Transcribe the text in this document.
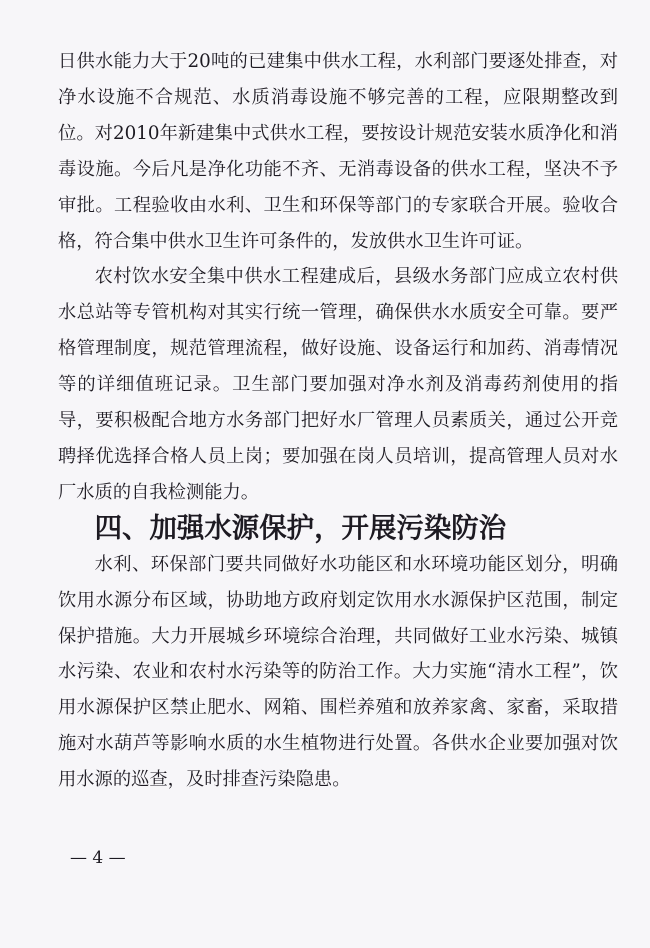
日供水能力大于20吨的已建集中供水工程，水利部门要逐处排查，对净水设施不合规范、水质消毒设施不够完善的工程，应限期整改到位。对2010年新建集中式供水工程，要按设计规范安装水质净化和消毒设施。今后凡是净化功能不齐、无消毒设备的供水工程，坚决不予审批。工程验收由水利、卫生和环保等部门的专家联合开展。验收合格，符合集中供水卫生许可条件的，发放供水卫生许可证。

农村饮水安全集中供水工程建成后，县级水务部门应成立农村供水总站等专管机构对其实行统一管理，确保供水水质安全可靠。要严格管理制度，规范管理流程，做好设施、设备运行和加药、消毒情况等的详细值班记录。卫生部门要加强对净水剂及消毒药剂使用的指导，要积极配合地方水务部门把好水厂管理人员素质关，通过公开竞聘择优选择合格人员上岗；要加强在岗人员培训，提高管理人员对水厂水质的自我检测能力。

四、加强水源保护，开展污染防治

水利、环保部门要共同做好水功能区和水环境功能区划分，明确饮用水源分布区域，协助地方政府划定饮用水水源保护区范围，制定保护措施。大力开展城乡环境综合治理，共同做好工业水污染、城镇水污染、农业和农村水污染等的防治工作。大力实施“清水工程”，饮用水源保护区禁止肥水、网箱、围栏养殖和放养家禽、家畜，采取措施对水葫芦等影响水质的水生植物进行处置。各供水企业要加强对饮用水源的巡查，及时排查污染隐患。

— 4 —
